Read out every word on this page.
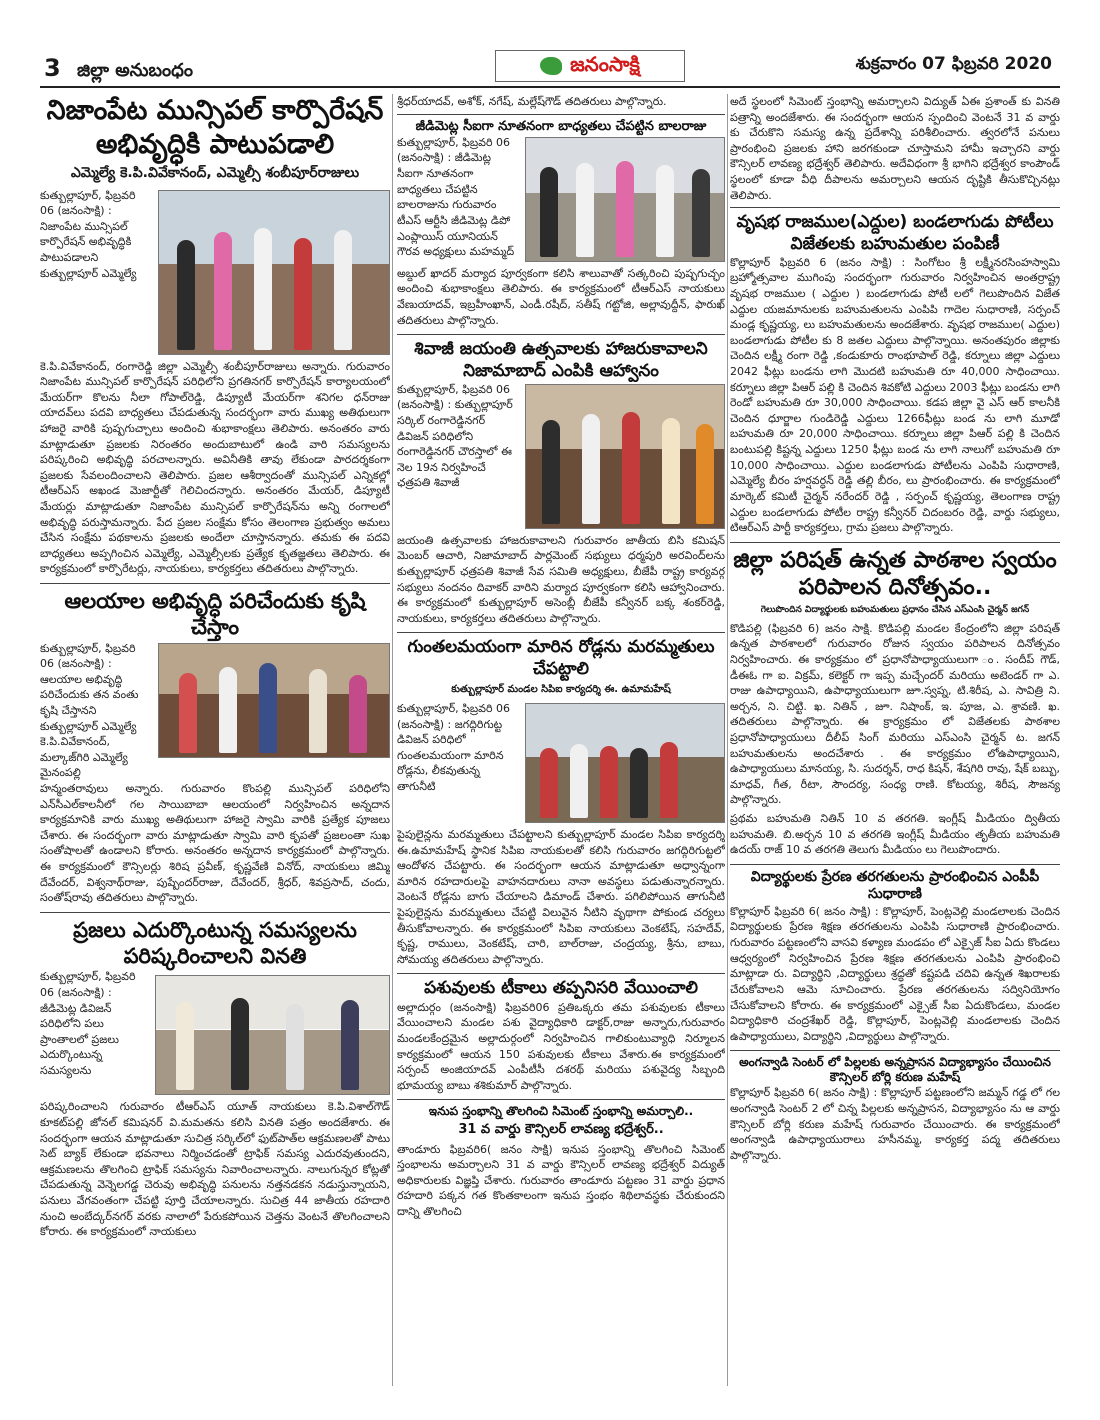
3 జిల్లా అనుబంధం	జనంసాక్షి	శుక్రవారం 07 ఫిబ్రవరి 2020
నిజాంపేట మున్సిపల్ కార్పొరేషన్ అభివృద్ధికి పాటుపడాలి
ఎమ్మెల్యే కె.పి.వివేకానంద్, ఎమ్మెల్సీ శంబీపూర్‌రాజులు
కుత్బుల్లాపూర్, ఫిబ్రవరి 06 (జనంసాక్షి) : నిజాంపేట మున్సిపల్ కార్పొరేషన్ అభివృద్ధికి పాటుపడాలని కుత్బుల్లాపూర్ ఎమ్మెల్యే
కె.పి.వివేకానంద్, రంగారెడ్డి జిల్లా ఎమ్మెల్సీ శంబీపూర్‌రాజులు అన్నారు. గురువారం నిజాంపేట మున్సిపల్ కార్పొరేషన్ పరిధిలోని ప్రగతినగర్ కార్పొరేషన్ కార్యాలయంలో మేయర్‌గా కొలను నీలా గోపాల్‌రెడ్డి, డిప్యూటీ మేయర్‌గా శనిగల ధన్‌రాజు యాదవ్‌లు పదవి బాధ్యతలు చేపడుతున్న సందర్భంగా వారు ముఖ్య అతిథులుగా హాజరై వారికి పుష్పగుచ్చాలు అందించి శుభాకాంక్షలు తెలిపారు. అనంతరం వారు మాట్లాడుతూ ప్రజలకు నిరంతరం అందుబాటులో ఉండి వారి సమస్యలను పరిష్కరించి అభివృద్ధి పరచాలన్నారు. అవినీతికి తావు లేకుండా పారదర్శకంగా ప్రజలకు సేవలందించాలని తెలిపారు. ప్రజల ఆశీర్వాదంతో మున్సిపల్ ఎన్నికల్లో టీఆర్ఎస్ అఖండ మెజార్టీతో గెలిచిందన్నారు. అనంతరం మేయర్, డిప్యూటీ మేయర్లు మాట్లాడుతూ నిజాంపేట మున్సిపల్ కార్పొరేషన్‌ను అన్ని రంగాలలో అభివృద్ధి పరుస్తామన్నారు. పేద ప్రజల సంక్షేమ కోసం తెలంగాణ ప్రభుత్వం అమలు చేసిన సంక్షేమ పథకాలను ప్రజలకు అందేలా చూస్తానన్నారు. తమకు ఈ పదవి బాధ్యతలు అప్పగించిన ఎమ్మెల్యే, ఎమ్మెల్సీలకు ప్రత్యేక కృతజ్ఞతలు తెలిపారు. ఈ కార్యక్రమంలో కార్పొరేటర్లు, నాయకులు, కార్యకర్తలు తదితరులు పాల్గొన్నారు.
ఆలయాల అభివృద్ధి పరిచేందుకు కృషి చేస్తాం
కుత్బుల్లాపూర్, ఫిబ్రవరి 06 (జనంసాక్షి) : ఆలయాల అభివృద్ధి పరిచేందుకు తన వంతు కృషి చేస్తానని కుత్బుల్లాపూర్ ఎమ్మెల్యే కె.పి.వివేకానంద్, మల్కాజ్‌గిరి ఎమ్మెల్యే మైనంపల్లి
హన్మంతరావులు అన్నారు. గురువారం కొంపల్లి మున్సిపల్ పరిధిలోని ఎన్‌సీఎల్‌కాలనీలో గల సాయిబాబా ఆలయంలో నిర్వహించిన అన్నదాన కార్యక్రమానికి వారు ముఖ్య అతిథులుగా హాజరై స్వామి వారికి ప్రత్యేక పూజలు చేశారు. ఈ సందర్భంగా వారు మాట్లాడుతూ స్వామి వారి కృపతో ప్రజలంతా సుఖ సంతోషాలతో ఉండాలని కోరారు. అనంతరం అన్నదాన కార్యక్రమంలో పాల్గొన్నారు. ఈ కార్యక్రమంలో కౌన్సిలర్లు శిరిష ప్రవీణ్, కృష్ణవేణి వినోద్, నాయకులు జిమ్మి దేవేందర్, విశ్వనాథ్‌రాజు, పుష్పేందర్‌రాజు, దేవేందర్, శ్రీధర్, శివప్రసాద్, చందు, సంతోష్‌రావు తదితరులు పాల్గొన్నారు.
ప్రజలు ఎదుర్కొంటున్న సమస్యలను పరిష్కరించాలని వినతి
కుత్బుల్లాపూర్, ఫిబ్రవరి 06 (జనంసాక్షి) : జీడిమెట్ల డివిజన్ పరిధిలోని పలు ప్రాంతాలలో ప్రజలు ఎదుర్కొంటున్న సమస్యలను
పరిష్కరించాలని గురువారం టీఆర్ఎస్ యూత్ నాయకులు కె.పి.విశాల్‌గౌడ్ కూకట్‌పల్లి జోనల్ కమిషనర్ వి.మమతను కలిసి వినతి పత్రం అందజేశారు. ఈ సందర్భంగా ఆయన మాట్లాడుతూ సుచిత్ర సర్కిల్‌లో ఫుట్‌పాత్‌ల ఆక్రమణలతో పాటు సెట్ బ్యాక్ లేకుండా భవనాలు నిర్మించడంతో ట్రాఫిక్ సమస్య ఎదురవుతుందని, ఆక్రమణలను తొలగించి ట్రాఫిక్ సమస్యను నివారించాలన్నారు. నాలుగున్నర కోట్లతో చేపడుతున్న వెన్నెలగడ్డ చెరువు అభివృద్ధి పనులను నత్తనడకన నడుస్తున్నాయని, పనులు వేగవంతంగా చేపట్టి పూర్తి చేయాలన్నారు. సుచిత్ర 44 జాతీయ రహదారి నుంచి అంబేద్కర్‌నగర్ వరకు నాలాలో పేరుకపోయిన చెత్తను వెంటనే తొలగించాలని కోరారు. ఈ కార్యక్రమంలో నాయకులు
శ్రీధర్‌యాదవ్, అశోక్, నగేష్, మల్లేష్‌గౌడ్ తదితరులు పాల్గొన్నారు.
జీడిమెట్ల సీఐగా నూతనంగా బాధ్యతలు చేపట్టిన బాలరాజు
కుత్బుల్లాపూర్, ఫిబ్రవరి 06 (జనంసాక్షి) : జీడిమెట్ల సీఐగా నూతనంగా బాధ్యతలు చేపట్టిన బాలరాజును గురువారం టీఎస్ ఆర్టీసి జీడిమెట్ల డిపో ఎంప్లాయిస్ యూనియన్ గౌరవ అధ్యక్షులు మహమ్మద్
అబ్దుల్ ఖాదర్ మర్యాద పూర్వకంగా కలిసి శాలువాతో సత్కరించి పుష్పగుచ్ఛం అందించి శుభాకాంక్షలు తెలిపారు. ఈ కార్యక్రమంలో టీఆర్ఎస్ నాయకులు వేణుయాదవ్, ఇబ్రహీంఖాన్, ఎండీ.రషీద్, సతీష్ గట్టోజి, అల్లావుద్దీన్, ఫారుఖ్ తదితరులు పాల్గొన్నారు.
శివాజీ జయంతి ఉత్సవాలకు హాజరుకావాలని నిజామాబాద్ ఎంపికి ఆహ్వానం
కుత్బుల్లాపూర్, ఫిబ్రవరి 06 (జనంసాక్షి) : కుత్బుల్లాపూర్ సర్కిల్ రంగారెడ్డినగర్ డివిజన్ పరిధిలోని రంగారెడ్డినగర్ చౌరస్తాలో ఈ నెల 19న నిర్వహించే ఛత్రపతి శివాజీ
జయంతి ఉత్సవాలకు హాజరుకావాలని గురువారం జాతీయ బిసి కమిషన్ మెంబర్ ఆచారి, నిజామాబాద్ పార్లమెంట్ సభ్యులు ధర్మపురి అరవింద్‌లను కుత్బుల్లాపూర్ ఛత్రపతి శివాజీ సేవ సమితి అధ్యక్షులు, బీజేపీ రాష్ట్ర కార్యవర్గ సభ్యులు నందనం దివాకర్ వారిని మర్యాద పూర్వకంగా కలిసి ఆహ్వానించారు. ఈ కార్యక్రమంలో కుత్బుల్లాపూర్ అసెంబ్లీ బీజేపీ కన్వీనర్ బక్క శంకర్‌రెడ్డి, నాయకులు, కార్యకర్తలు తదితరులు పాల్గొన్నారు.
గుంతలమయంగా మారిన రోడ్లను మరమ్మతులు చేపట్టాలి
కుత్బుల్లాపూర్ మండల సిపిఐ కార్యదర్శి ఈ. ఉమామహేష్
కుత్బుల్లాపూర్, ఫిబ్రవరి 06 (జనంసాక్షి) : జగద్గిరిగుట్ట డివిజన్ పరిధిలో గుంతలమయంగా మారిన రోడ్లను, లీకవుతున్న తాగునీటి
పైపులైన్లను మరమ్మతులు చేపట్టాలని కుత్బుల్లాపూర్ మండల సిపిఐ కార్యదర్శి ఈ.ఉమామహేష్ స్థానిక సిపిఐ నాయకులతో కలిసి గురువారం జగద్గిరిగుట్టలో ఆందోళన చేపట్టారు. ఈ సందర్భంగా ఆయన మాట్లాడుతూ అధ్వాన్నంగా మారిన రహదారులపై వాహనదారులు నానా అవస్థలు పడుతున్నారన్నారు. వెంటనే రోడ్లను బాగు చేయాలని డిమాండ్ చేశారు. పగిలిపోయిన తాగునీటి పైపులైన్లను మరమ్మతులు చేపట్టి విలువైన నీటిని వృథాగా పోకుండ చర్యలు తీసుకోవాలన్నారు. ఈ కార్యక్రమంలో సిపిఐ నాయకులు వెంకటేష్, సహదేవ్, కృష్ణ, రాములు, వెంకటేష్, చారి, బాల్‌రాజు, చంద్రయ్య, శ్రీను, బాబు, సోమయ్య తదితరులు పాల్గొన్నారు.
పశువులకు టీకాలు తప్పనిసరి వేయించాలి
అల్లాదుర్గం (జనంసాక్షి) ఫిబ్రవరి06 ప్రతిఒక్కరు తమ పశువులకు టీకాలు వేయించాలని మండల పశు వైద్యాధికారి డాక్టర్,రాజు అన్నారు,గురువారం మండలకేంద్రమైన అల్లాదుర్గంలో నిర్వహించిన గాలికుంటువ్యాధి నిర్మూలన కార్యక్రమంలో ఆయన 150 పశువులకు టీకాలు వేశారు.ఈ కార్యక్రమంలో సర్పంచ్ అంజియాదవ్ ఎంపీటీసీ దశరథ్ మరియు పశువైద్య సిబ్బంది భూమయ్య బాబు శశికుమార్ పాల్గొన్నారు.
ఇనుప స్తంభాన్ని తొలగించి సిమెంట్ స్తంభాన్ని అమర్చాలి..
31 వ వార్డు కౌన్సిలర్ లావణ్య భద్రేశ్వర్..
తాండూరు ఫిబ్రవరి6( జనం సాక్షి) ఇనుప స్తంభాన్ని తొలగించి సిమెంట్ స్తంభాలను అమర్చాలని 31 వ వార్డు కౌన్సిలర్ లావణ్య భద్రేశ్వర్ విద్యుత్ అధికారులకు విజ్ఞప్తి చేశారు. గురువారం తాండూరు పట్టణం 31 వార్డు ప్రధాన రహదారి పక్కన గత కొంతకాలంగా ఇనుప స్తంభం శిథిలావస్థకు చేరుకుందని దాన్ని తొలగించి
అదే స్థలంలో సిమెంట్ స్తంభాన్ని అమర్చాలని విద్యుత్ ఏఈ ప్రశాంత్ కు వినతి పత్రాన్ని అందజేశారు. ఈ సందర్భంగా ఆయన స్పందించి వెంటనే 31 వ వార్డు కు చేరుకొని సమస్య ఉన్న ప్రదేశాన్ని పరిశీలించారు. త్వరలోనే పనులు ప్రారంభించి ప్రజలకు హాని జరగకుండా చూస్తామని హామీ ఇచ్చారని వార్డు కౌన్సిలర్ లావణ్య భద్రేశ్వర్ తెలిపారు. అదేవిధంగా శ్రీ భాగిని భద్రేశ్వర కాంపౌండ్ స్థలంలో కూడా వీధి దీపాలను అమర్చాలని ఆయన దృష్టికి తీసుకొచ్చినట్లు తెలిపారు.
వృషభ రాజముల(ఎద్దుల) బండలాగుడు పోటీలు విజేతలకు బహుమతుల పంపిణీ
కొల్లాపూర్ ఫిబ్రవరి 6 (జనం సాక్షి) : సింగోటం శ్రీ లక్ష్మీనరసింహస్వామి బ్రహ్మోత్సవాల ముగింపు సందర్భంగా గురువారం నిర్వహించిన అంతర్రాష్ట్ర వృషభ రాజముల ( ఎద్దుల ) బండలాగుడు పోటీ లలో గెలుపొందిన విజేత ఎద్దుల యజమానులకు బహుమతులను ఎంపిపి గాదెల సుధారాణి, సర్పంచ్ మండ్ల కృష్ణయ్య, లు బహుమతులను అందజేశారు. వృషభ రాజముల( ఎద్దుల) బండలాగుడు పోటీల కు 8 జతల ఎద్దులు పాల్గొన్నాయి. అనంతపురం జిల్లాకు చెందిన లక్ష్మీ రంగా రెడ్డి ,కండుకూరు రాంభూపాల్ రెడ్డి, కర్నూలు జిల్లా ఎద్దులు 2042 ఫీట్లు బండను లాగి మొదటి బహుమతి రూ 40,000 సాధించాయి. కర్నూలు జిల్లా పిఆర్ పల్లి కి చెందిన శివకోటి ఎద్దులు 2003 ఫీట్లు బండను లాగి రెండో బహుమతి రూ 30,000 సాధించాయి. కడప జిల్లా వై ఎస్ ఆర్ కాలనీకి చెందిన ధూర్జాల గుండిరెడ్డి ఎద్దులు 1266ఫీట్లు బండ ను లాగి మూడో బహుమతి రూ 20,000 సాధించాయి. కర్నూలు జిల్లా పిఆర్ పల్లి కి చెందిన బంటుపల్లి కిష్టన్న ఎద్దులు 1250 ఫీట్లు బండ ను లాగి నాలుగో బహుమతి రూ 10,000 సాధించాయి. ఎద్దుల బండలాగుడు పోటీలను ఎంపిపి సుధారాణి, ఎమ్మెల్యే బీరం హర్షవర్ధన్ రెడ్డి తల్లి బీరం, లు ప్రారంభించారు. ఈ కార్యక్రమంలో మార్కెట్ కమిటీ చైర్మన్ నరేందర్ రెడ్డి , సర్పంచ్ కృష్ణయ్య, తెలంగాణ రాష్ట్ర ఎద్దుల బండలాగుడు పోటీల రాష్ట్ర కన్వీనర్ చిదంబరం రెడ్డి, వార్డు సభ్యులు, టిఆర్ఎస్ పార్టీ కార్యకర్తలు, గ్రామ ప్రజలు పాల్గొన్నారు.
జిల్లా పరిషత్ ఉన్నత పాఠశాల స్వయం పరిపాలన దినోత్సవం..
గెలుపొందిన విద్యార్థులకు బహుమతులు ప్రధానం చేసిన ఎస్ఎంసి చైర్మన్ జగన్
కొడిపల్లి (ఫిబ్రవరి 6) జనం సాక్షి. కొడిపల్లి మండల కేంద్రంలోని జిల్లా పరిషత్ ఉన్నత పాఠశాలలో గురువారం రోజున స్వయం పరిపాలన దినోత్సవం నిర్వహించారు. ఈ కార్యక్రమం లో ప్రధానోపాధ్యాయులుగా ం. సందీప్ గౌడ్, డీఈఓ గా ఐ. విక్రమ్, కలెక్టర్ గా ఇప్ప మచ్చేందర్ మరియు అటెండర్ గా ఎ. రాజు ఉపాధ్యాయిని, ఉపాధ్యాయులుగా జూ.స్వప్న, టి.శిరీష, ఎ. సావిత్రి ని. అర్చన, ని. చిట్టి. ఖ. నితిన్ , జూ. నిషాంక్, ఇ. పూజ, ఎ. శ్రావణి. ఖ. తదితరులు పాల్గొన్నారు. ఈ క్రార్యక్రమం లో విజేతలకు పాఠశాల ప్రధానోపాధ్యాయులు దీలీప్ సింగ్ మరియు ఎస్ఎంసి చైర్మన్ ట. జగన్ బహుమతులను అందచేశారు . ఈ కార్యక్రమం లోఉపాధ్యాయిని, ఉపాధ్యాయులు మానయ్య, సి. సుదర్శన్, రాధ కిషన్, శేషగిరి రావు, షేక్ బబ్బు, మాధవ్, గీత, రీటా, సౌందర్య, సంధ్య రాణి. కోటయ్య, శిరీష, సౌజన్య పాల్గొన్నారు.
ప్రథమ బహుమతి నితిన్ 10 వ తరగతి. ఇంగ్లీష్ మీడియం ద్వితీయ బహుమతి. బి.అర్చన 10 వ తరగతి ఇంగ్లీష్ మీడియం తృతీయ బహుమతి ఉదయ్ రాజ్ 10 వ తరగతి తెలుగు మీడియం లు గెలుపొందారు.
విద్యార్థులకు ప్రేరణ తరగతులను ప్రారంభించిన ఎంపీపీ సుధారాణి
కొల్లాపూర్ ఫిబ్రవరి 6( జనం సాక్షి) : కొల్లాపూర్, పెంట్లవెల్లి మండలాలకు చెందిన విద్యార్థులకు ప్రేరణ శిక్షణ తరగతులను ఎంపిపి సుధారాణి ప్రారంభించారు. గురువారం పట్టణంలోని వాసవి కళ్యాణ మండపం లో ఎక్సైజ్ సీఐ ఏదు కొండలు ఆధ్వర్యంలో నిర్వహించిన ప్రేరణ శిక్షణ తరగతులను ఎంపిపి ప్రారంభించి మాట్లాడా రు. విద్యార్థిని ,విద్యార్థులు శ్రద్ధతో కష్టపడి చదివి ఉన్నత శిఖరాలకు చేరుకోవాలని ఆమె సూచించారు. ప్రేరణ తరగతులను సద్వినియోగం చేసుకోవాలని కోరారు. ఈ కార్యక్రమంలో ఎక్సైజ్ సీఐ ఏదుకొండలు, మండల విద్యాధికారి చంద్రశేఖర్ రెడ్డి, కొల్లాపూర్, పెంట్లవెల్లి మండలాలకు చెందిన ఉపాధ్యాయులు, విద్యార్థిని ,విద్యార్థులు పాల్గొన్నారు.
అంగన్వాడి సెంటర్ లో పిల్లలకు అన్నప్రాసన విద్యాభ్యాసం చేయించిన కౌన్సిలర్ బోర్లి కరుణ మహేష్
కొల్లాపూర్ ఫిబ్రవరి 6( జనం సాక్షి) : కొల్లాపూర్ పట్టణంలోని జమ్మన్ గడ్డ లో గల అంగన్వాడి సెంటర్ 2 లో చిన్న పిల్లలకు అన్నప్రాసన, విద్యాభ్యాసం ను ఆ వార్డు కౌన్సిలర్ బోర్లి కరుణ మహేష్ గురువారం చేయించారు. ఈ కార్యక్రమంలో అంగన్వాడి ఉపాధ్యాయురాలు హసీనమ్మ, కార్యకర్త పద్మ తదితరులు పాల్గొన్నారు.
